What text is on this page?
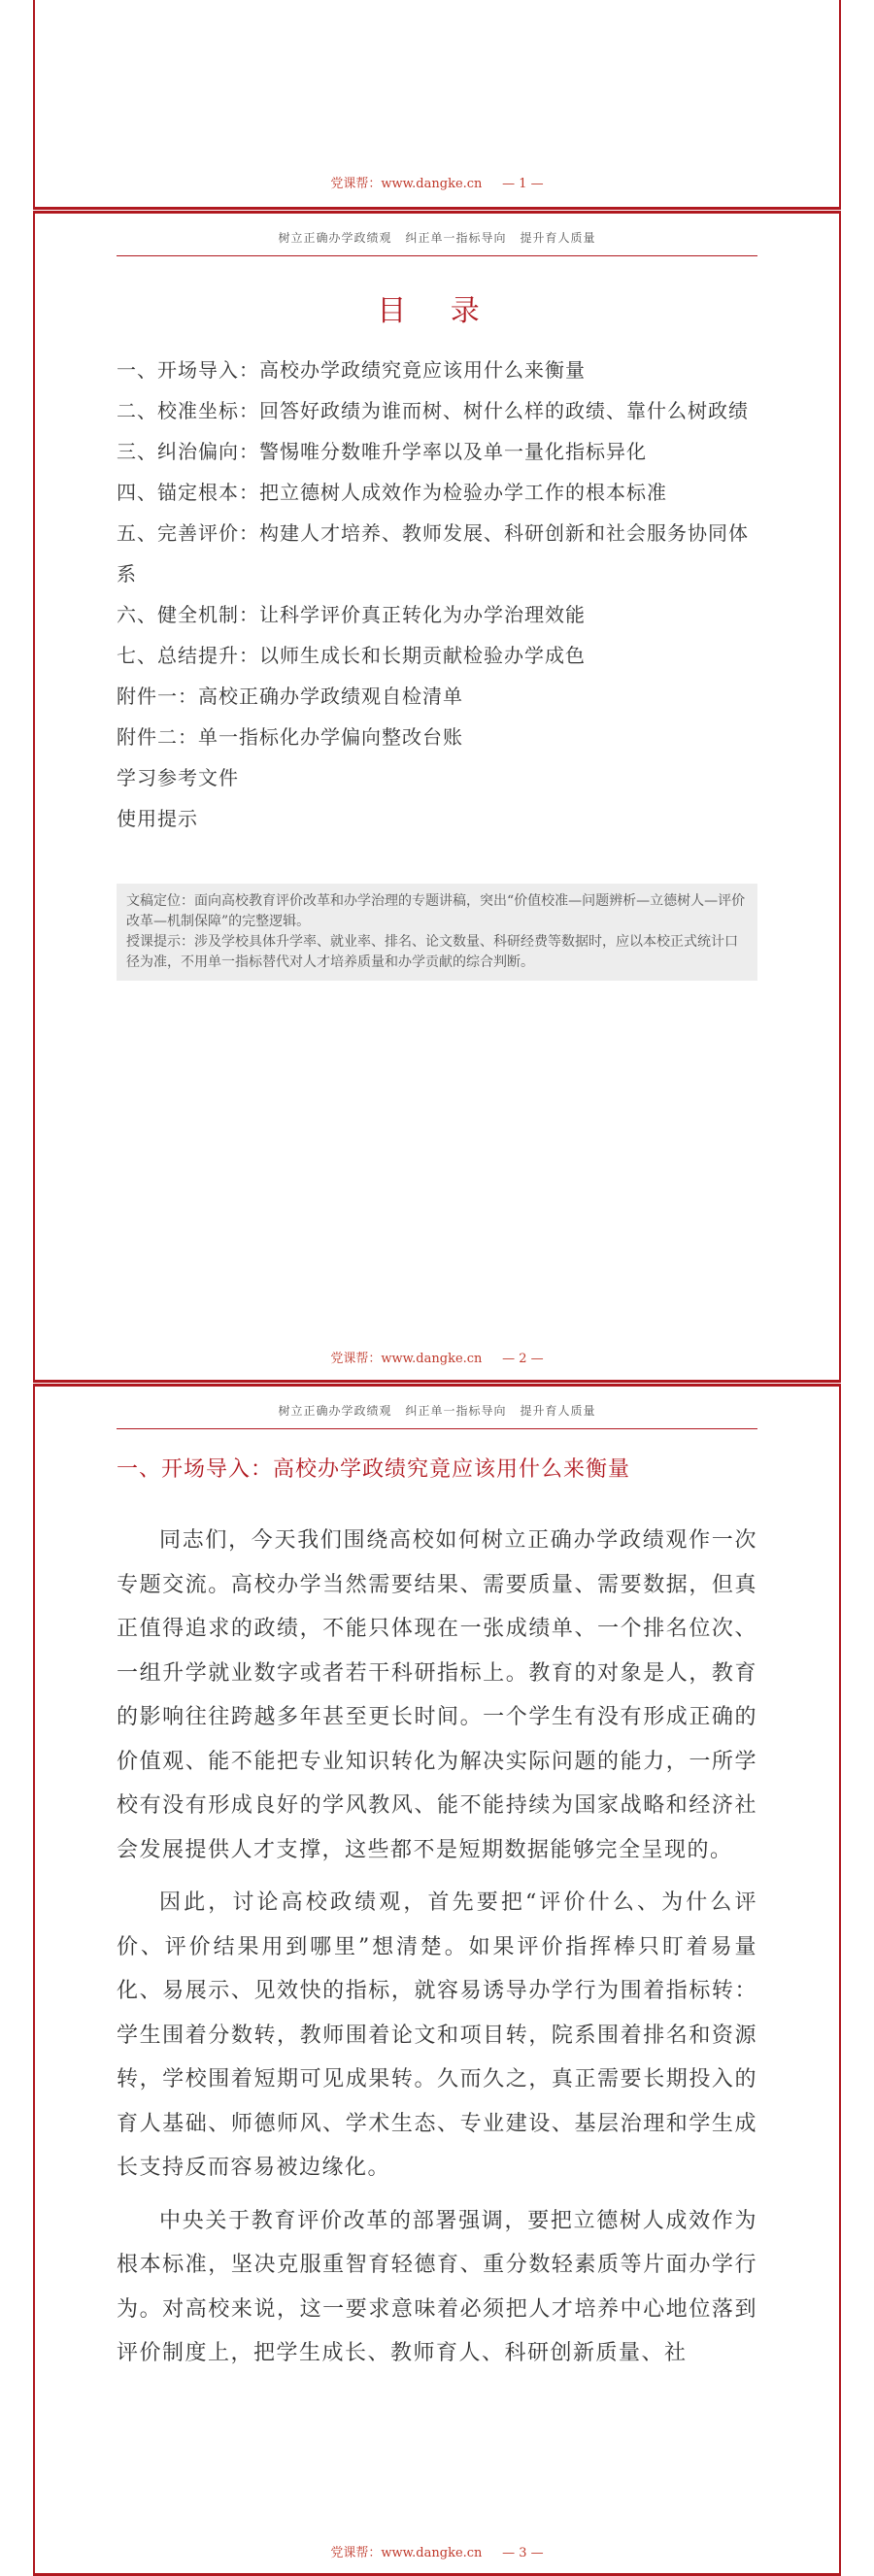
党课帮：www.dangke.cn — 1 —
树立正确办学政绩观 纠正单一指标导向 提升育人质量
目 录
一、开场导入：高校办学政绩究竟应该用什么来衡量
二、校准坐标：回答好政绩为谁而树、树什么样的政绩、靠什么树政绩
三、纠治偏向：警惕唯分数唯升学率以及单一量化指标异化
四、锚定根本：把立德树人成效作为检验办学工作的根本标准
五、完善评价：构建人才培养、教师发展、科研创新和社会服务协同体系
六、健全机制：让科学评价真正转化为办学治理效能
七、总结提升：以师生成长和长期贡献检验办学成色
附件一：高校正确办学政绩观自检清单
附件二：单一指标化办学偏向整改台账
学习参考文件
使用提示

文稿定位：面向高校教育评价改革和办学治理的专题讲稿，突出“价值校准—问题辨析—立德树人—评价改革—机制保障”的完整逻辑。

授课提示：涉及学校具体升学率、就业率、排名、论文数量、科研经费等数据时，应以本校正式统计口径为准，不用单一指标替代对人才培养质量和办学贡献的综合判断。

党课帮：www.dangke.cn — 2 —
树立正确办学政绩观 纠正单一指标导向 提升育人质量
一、开场导入：高校办学政绩究竟应该用什么来衡量

同志们，今天我们围绕高校如何树立正确办学政绩观作一次专题交流。高校办学当然需要结果、需要质量、需要数据，但真正值得追求的政绩，不能只体现在一张成绩单、一个排名位次、一组升学就业数字或者若干科研指标上。教育的对象是人，教育的影响往往跨越多年甚至更长时间。一个学生有没有形成正确的价值观、能不能把专业知识转化为解决实际问题的能力，一所学校有没有形成良好的学风教风、能不能持续为国家战略和经济社会发展提供人才支撑，这些都不是短期数据能够完全呈现的。

因此，讨论高校政绩观，首先要把“评价什么、为什么评价、评价结果用到哪里”想清楚。如果评价指挥棒只盯着易量化、易展示、见效快的指标，就容易诱导办学行为围着指标转：学生围着分数转，教师围着论文和项目转，院系围着排名和资源转，学校围着短期可见成果转。久而久之，真正需要长期投入的育人基础、师德师风、学术生态、专业建设、基层治理和学生成长支持反而容易被边缘化。

中央关于教育评价改革的部署强调，要把立德树人成效作为根本标准，坚决克服重智育轻德育、重分数轻素质等片面办学行为。对高校来说，这一要求意味着必须把人才培养中心地位落到评价制度上，把学生成长、教师育人、科研创新质量、社

党课帮：www.dangke.cn — 3 —
